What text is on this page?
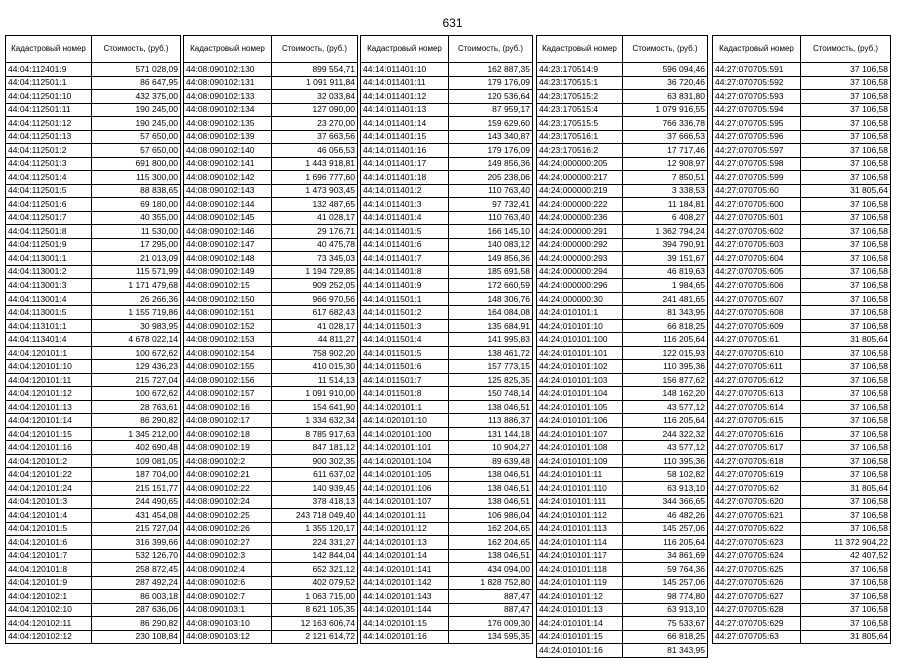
631
Кадастровый номер	Стоимость, (руб.)
44:04:112401:9	571 028,09
44:04:112501:1	86 647,95
44:04:112501:10	432 375,00
44:04:112501:11	190 245,00
44:04:112501:12	190 245,00
44:04:112501:13	57 650,00
44:04:112501:2	57 650,00
44:04:112501:3	691 800,00
44:04:112501:4	115 300,00
44:04:112501:5	88 838,65
44:04:112501:6	69 180,00
44:04:112501:7	40 355,00
44:04:112501:8	11 530,00
44:04:112501:9	17 295,00
44:04:113001:1	21 013,09
44:04:113001:2	115 571,99
44:04:113001:3	1 171 479,68
44:04:113001:4	26 266,36
44:04:113001:5	1 155 719,86
44:04:113101:1	30 983,95
44:04:113401:4	4 678 022,14
44:04:120101:1	100 672,62
44:04:120101:10	129 436,23
44:04:120101:11	215 727,04
44:04:120101:12	100 672,62
44:04:120101:13	28 763,61
44:04:120101:14	86 290,82
44:04:120101:15	1 345 212,00
44:04:120101:16	402 690,48
44:04:120101:2	109 081,05
44:04:120101:22	187 704,00
44:04:120101:24	215 151,77
44:04:120101:3	244 490,65
44:04:120101:4	431 454,08
44:04:120101:5	215 727,04
44:04:120101:6	316 399,66
44:04:120101:7	532 126,70
44:04:120101:8	258 872,45
44:04:120101:9	287 492,24
44:04:120102:1	86 003,18
44:04:120102:10	287 636,06
44:04:120102:11	86 290,82
44:04:120102:12	230 108,84
Кадастровый номер	Стоимость, (руб.)
44:08:090102:130	899 554,71
44:08:090102:131	1 091 911,84
44:08:090102:133	32 033,84
44:08:090102:134	127 090,00
44:08:090102:135	23 270,00
44:08:090102:139	37 663,56
44:08:090102:140	46 056,53
44:08:090102:141	1 443 918,81
44:08:090102:142	1 696 777,60
44:08:090102:143	1 473 903,45
44:08:090102:144	132 487,65
44:08:090102:145	41 028,17
44:08:090102:146	29 176,71
44:08:090102:147	40 475,78
44:08:090102:148	73 345,03
44:08:090102:149	1 194 729,85
44:08:090102:15	909 252,05
44:08:090102:150	966 970,56
44:08:090102:151	617 682,43
44:08:090102:152	41 028,17
44:08:090102:153	44 811,27
44:08:090102:154	758 902,20
44:08:090102:155	410 015,30
44:08:090102:156	11 514,13
44:08:090102:157	1 091 910,00
44:08:090102:16	154 641,90
44:08:090102:17	1 334 632,34
44:08:090102:18	8 785 917,63
44:08:090102:19	847 181,12
44:08:090102:2	900 302,35
44:08:090102:21	611 637,02
44:08:090102:22	140 939,45
44:08:090102:24	378 418,13
44:08:090102:25	243 718 049,40
44:08:090102:26	1 355 120,17
44:08:090102:27	224 331,27
44:08:090102:3	142 844,04
44:08:090102:4	652 321,12
44:08:090102:6	402 079,52
44:08:090102:7	1 063 715,00
44:08:090103:1	8 621 105,35
44:08:090103:10	12 163 606,74
44:08:090103:12	2 121 614,72
Кадастровый номер	Стоимость, (руб.)
44:14:011401:10	162 887,35
44:14:011401:11	179 176,09
44:14:011401:12	120 536,64
44:14:011401:13	87 959,17
44:14:011401:14	159 629,60
44:14:011401:15	143 340,87
44:14:011401:16	179 176,09
44:14:011401:17	149 856,36
44:14:011401:18	205 238,06
44:14:011401:2	110 763,40
44:14:011401:3	97 732,41
44:14:011401:4	110 763,40
44:14:011401:5	166 145,10
44:14:011401:6	140 083,12
44:14:011401:7	149 856,36
44:14:011401:8	185 691,58
44:14:011401:9	172 660,59
44:14:011501:1	148 306,76
44:14:011501:2	164 084,08
44:14:011501:3	135 684,91
44:14:011501:4	141 995,83
44:14:011501:5	138 461,72
44:14:011501:6	157 773,15
44:14:011501:7	125 825,35
44:14:011501:8	150 748,14
44:14:020101:1	138 046,51
44:14:020101:10	113 886,37
44:14:020101:100	131 144,18
44:14:020101:101	10 904,27
44:14:020101:104	89 639,48
44:14:020101:105	138 046,51
44:14:020101:106	138 046,51
44:14:020101:107	138 046,51
44:14:020101:11	106 986,04
44:14:020101:12	162 204,65
44:14:020101:13	162 204,65
44:14:020101:14	138 046,51
44:14:020101:141	434 094,00
44:14:020101:142	1 828 752,80
44:14:020101:143	887,47
44:14:020101:144	887,47
44:14:020101:15	176 009,30
44:14:020101:16	134 595,35
Кадастровый номер	Стоимость, (руб.)
44:23:170514:9	596 094,46
44:23:170515:1	36 720,46
44:23:170515:2	63 831,80
44:23:170515:4	1 079 916,55
44:23:170515:5	766 336,78
44:23:170516:1	37 666,53
44:23:170516:2	17 717,46
44:24:000000:205	12 908,97
44:24:000000:217	7 850,51
44:24:000000:219	3 338,53
44:24:000000:222	11 184,81
44:24:000000:236	6 408,27
44:24:000000:291	1 362 794,24
44:24:000000:292	394 790,91
44:24:000000:293	39 151,67
44:24:000000:294	46 819,63
44:24:000000:296	1 984,65
44:24:000000:30	241 481,65
44:24:010101:1	81 343,95
44:24:010101:10	66 818,25
44:24:010101:100	116 205,64
44:24:010101:101	122 015,93
44:24:010101:102	110 395,36
44:24:010101:103	156 877,62
44:24:010101:104	148 162,20
44:24:010101:105	43 577,12
44:24:010101:106	116 205,64
44:24:010101:107	244 322,32
44:24:010101:108	43 577,12
44:24:010101:109	110 395,36
44:24:010101:11	58 102,82
44:24:010101:110	63 913,10
44:24:010101:111	344 366,65
44:24:010101:112	46 482,26
44:24:010101:113	145 257,06
44:24:010101:114	116 205,64
44:24:010101:117	34 861,69
44:24:010101:118	59 764,36
44:24:010101:119	145 257,06
44:24:010101:12	98 774,80
44:24:010101:13	63 913,10
44:24:010101:14	75 533,67
44:24:010101:15	66 818,25
44:24:010101:16	81 343,95
Кадастровый номер	Стоимость, (руб.)
44:27:070705:591	37 106,58
44:27:070705:592	37 106,58
44:27:070705:593	37 106,58
44:27:070705:594	37 106,58
44:27:070705:595	37 106,58
44:27:070705:596	37 106,58
44:27:070705:597	37 106,58
44:27:070705:598	37 106,58
44:27:070705:599	37 106,58
44:27:070705:60	31 805,64
44:27:070705:600	37 106,58
44:27:070705:601	37 106,58
44:27:070705:602	37 106,58
44:27:070705:603	37 106,58
44:27:070705:604	37 106,58
44:27:070705:605	37 106,58
44:27:070705:606	37 106,58
44:27:070705:607	37 106,58
44:27:070705:608	37 106,58
44:27:070705:609	37 106,58
44:27:070705:61	31 805,64
44:27:070705:610	37 106,58
44:27:070705:611	37 106,58
44:27:070705:612	37 106,58
44:27:070705:613	37 106,58
44:27:070705:614	37 106,58
44:27:070705:615	37 106,58
44:27:070705:616	37 106,58
44:27:070705:617	37 106,58
44:27:070705:618	37 106,58
44:27:070705:619	37 106,58
44:27:070705:62	31 805,64
44:27:070705:620	37 106,58
44:27:070705:621	37 106,58
44:27:070705:622	37 106,58
44:27:070705:623	11 372 904,22
44:27:070705:624	42 407,52
44:27:070705:625	37 106,58
44:27:070705:626	37 106,58
44:27:070705:627	37 106,58
44:27:070705:628	37 106,58
44:27:070705:629	37 106,58
44:27:070705:63	31 805,64
